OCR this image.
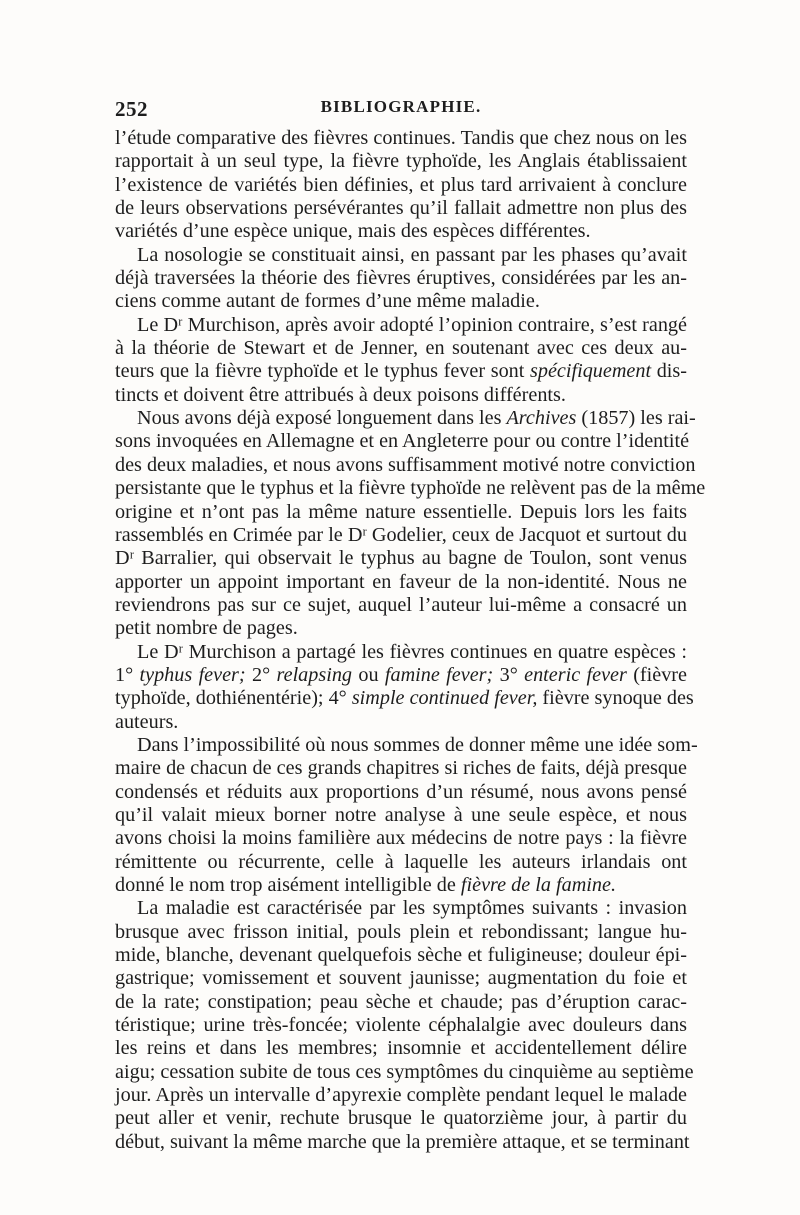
252	BIBLIOGRAPHIE.
l’étude comparative des fièvres continues. Tandis que chez nous on les
rapportait à un seul type, la fièvre typhoïde, les Anglais établissaient
l’existence de variétés bien définies, et plus tard arrivaient à conclure
de leurs observations persévérantes qu’il fallait admettre non plus des
variétés d’une espèce unique, mais des espèces différentes.
La nosologie se constituait ainsi, en passant par les phases qu’avait
déjà traversées la théorie des fièvres éruptives, considérées par les an-
ciens comme autant de formes d’une même maladie.
Le Dʳ Murchison, après avoir adopté l’opinion contraire, s’est rangé
à la théorie de Stewart et de Jenner, en soutenant avec ces deux au-
teurs que la fièvre typhoïde et le typhus fever sont spécifiquement dis-
tincts et doivent être attribués à deux poisons différents.
Nous avons déjà exposé longuement dans les Archives (1857) les rai-
sons invoquées en Allemagne et en Angleterre pour ou contre l’identité
des deux maladies, et nous avons suffisamment motivé notre conviction
persistante que le typhus et la fièvre typhoïde ne relèvent pas de la même
origine et n’ont pas la même nature essentielle. Depuis lors les faits
rassemblés en Crimée par le Dʳ Godelier, ceux de Jacquot et surtout du
Dʳ Barralier, qui observait le typhus au bagne de Toulon, sont venus
apporter un appoint important en faveur de la non-identité. Nous ne
reviendrons pas sur ce sujet, auquel l’auteur lui-même a consacré un
petit nombre de pages.
Le Dʳ Murchison a partagé les fièvres continues en quatre espèces :
1° typhus fever; 2° relapsing ou famine fever; 3° enteric fever (fièvre
typhoïde, dothiénentérie); 4° simple continued fever, fièvre synoque des
auteurs.
Dans l’impossibilité où nous sommes de donner même une idée som-
maire de chacun de ces grands chapitres si riches de faits, déjà presque
condensés et réduits aux proportions d’un résumé, nous avons pensé
qu’il valait mieux borner notre analyse à une seule espèce, et nous
avons choisi la moins familière aux médecins de notre pays : la fièvre
rémittente ou récurrente, celle à laquelle les auteurs irlandais ont
donné le nom trop aisément intelligible de fièvre de la famine.
La maladie est caractérisée par les symptômes suivants : invasion
brusque avec frisson initial, pouls plein et rebondissant; langue hu-
mide, blanche, devenant quelquefois sèche et fuligineuse; douleur épi-
gastrique; vomissement et souvent jaunisse; augmentation du foie et
de la rate; constipation; peau sèche et chaude; pas d’éruption carac-
téristique; urine très-foncée; violente céphalalgie avec douleurs dans
les reins et dans les membres; insomnie et accidentellement délire
aigu; cessation subite de tous ces symptômes du cinquième au septième
jour. Après un intervalle d’apyrexie complète pendant lequel le malade
peut aller et venir, rechute brusque le quatorzième jour, à partir du
début, suivant la même marche que la première attaque, et se terminant
